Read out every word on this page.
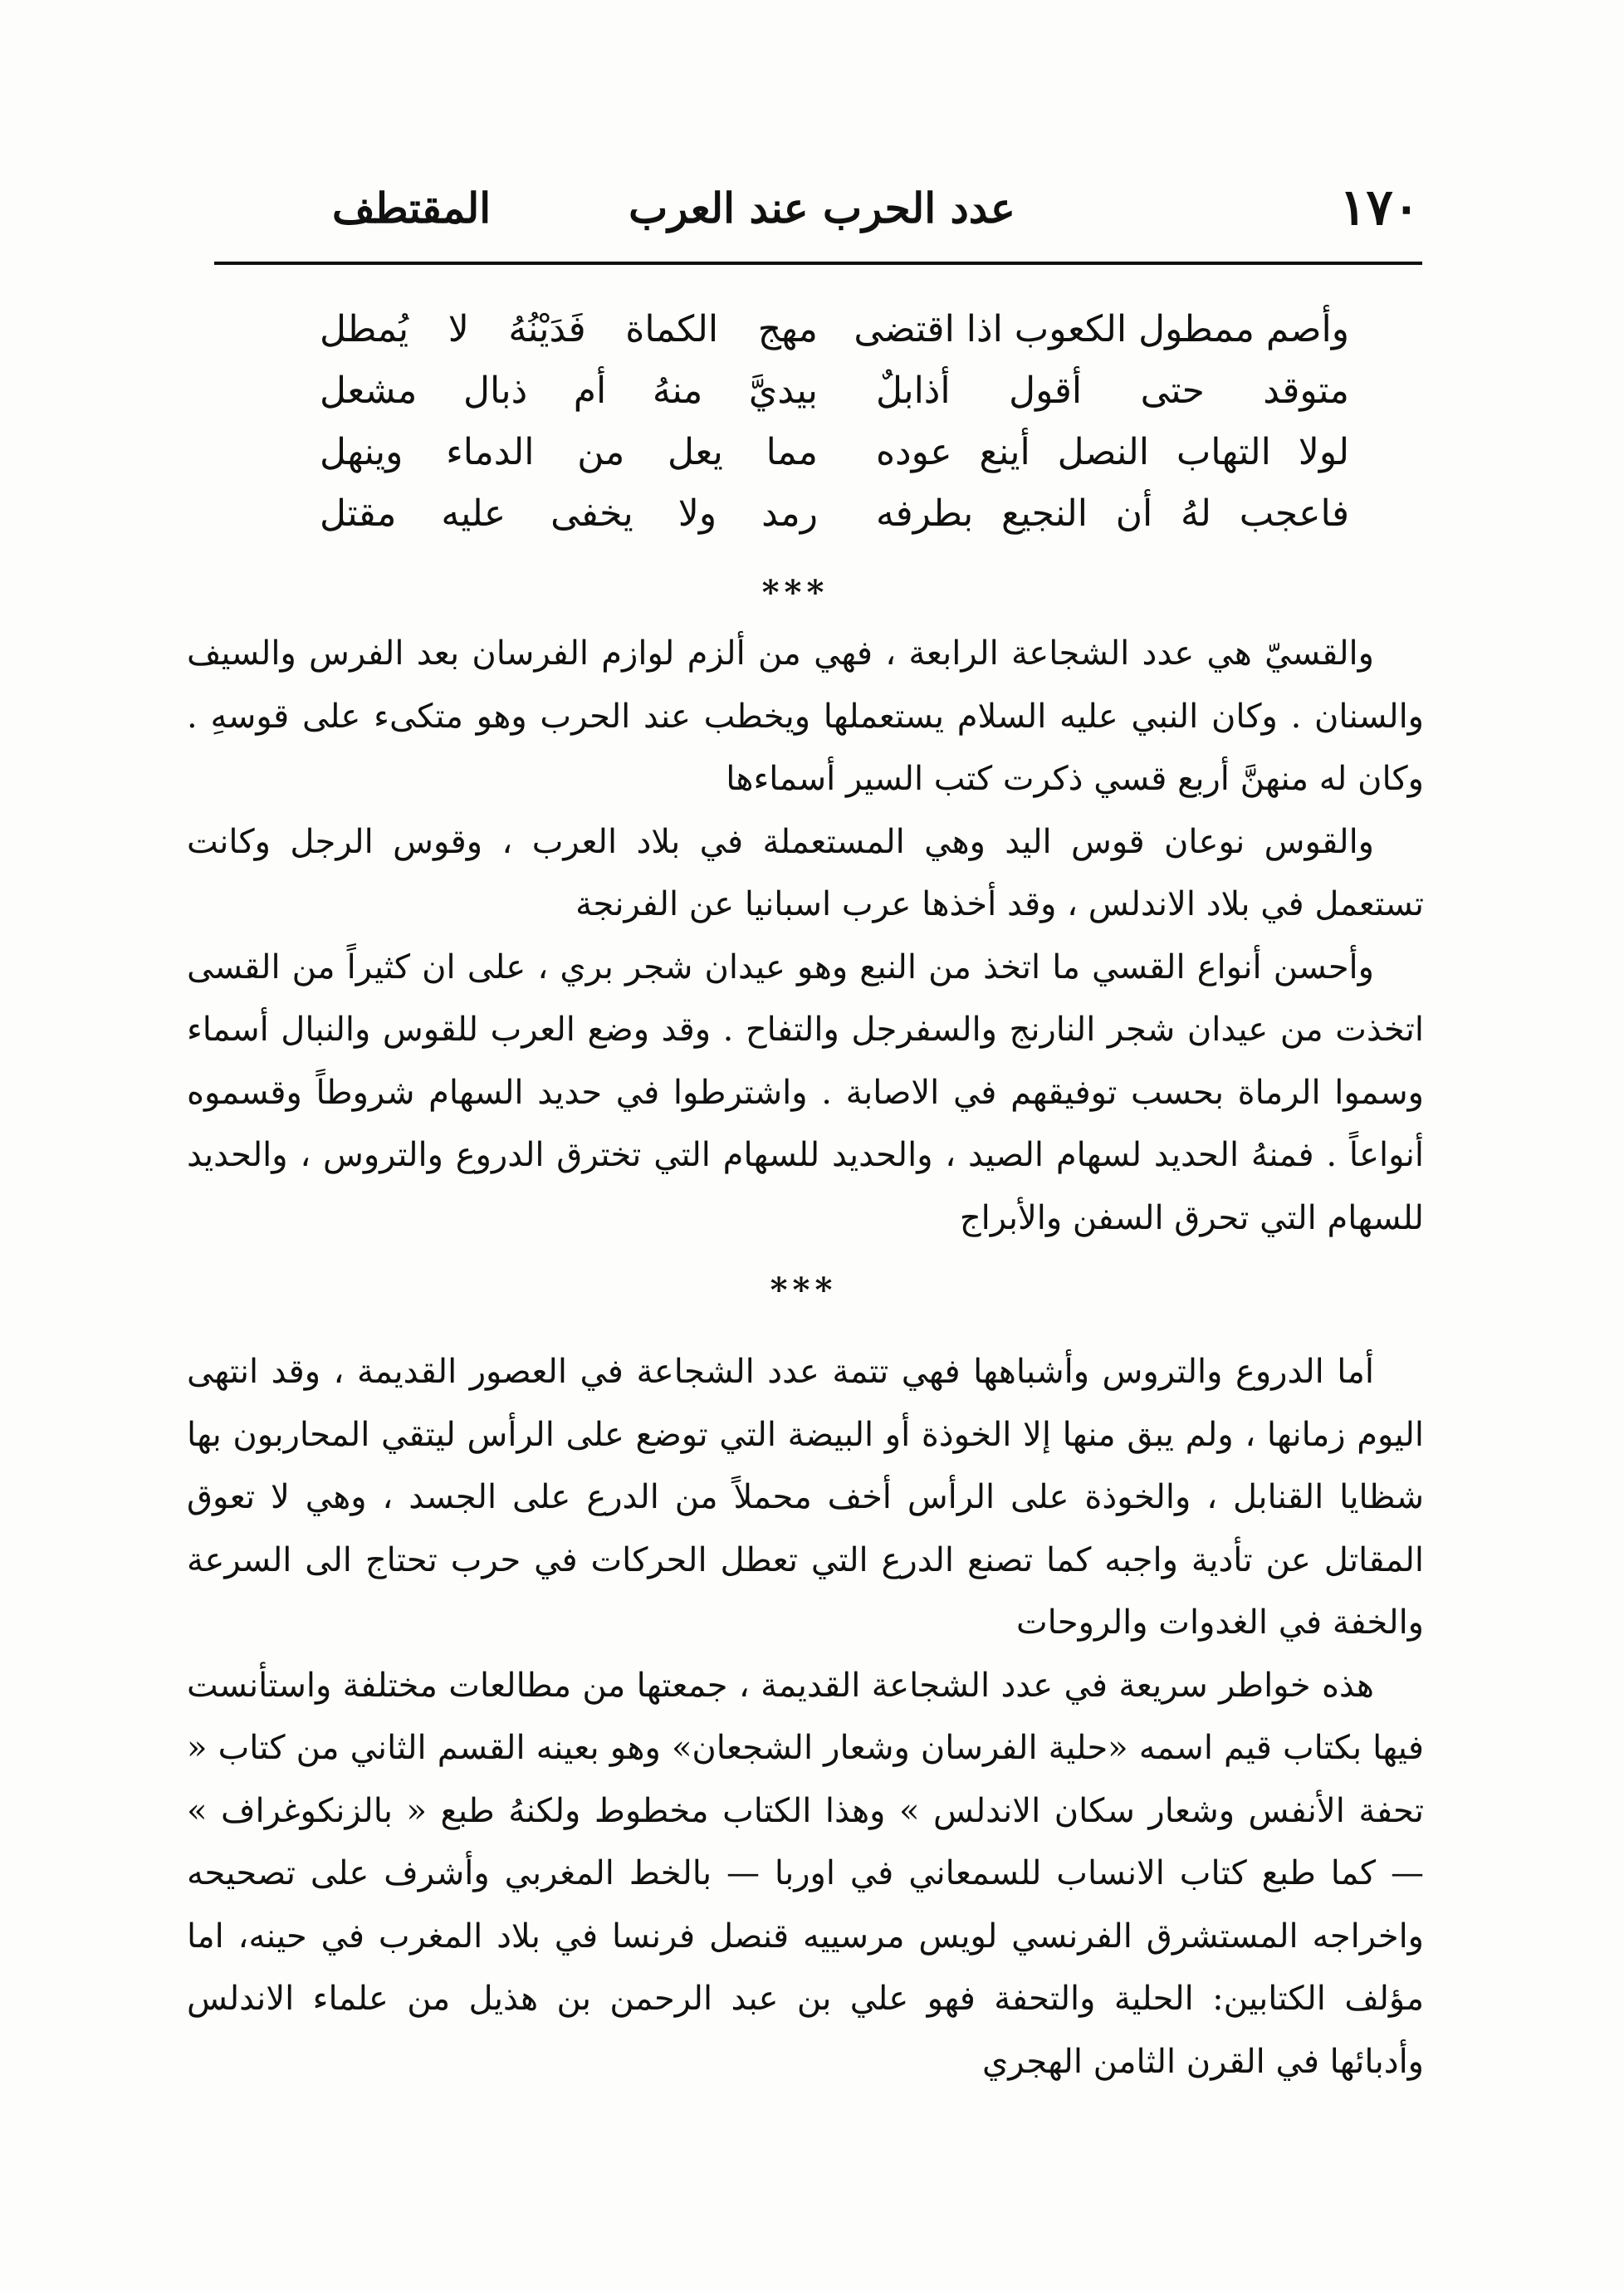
١٧٠
عدد الحرب عند العرب
المقتطف
وأصم ممطول الكعوب اذا اقتضى
مهج الكماة فَدَيْنُهُ لا يُمطل
متوقد حتى أقول أذابلٌ
بيديَّ منهُ أم ذبال مشعل
لولا التهاب النصل أينع عوده
مما يعل من الدماء وينهل
فاعجب لهُ أن النجيع بطرفه
رمد ولا يخفى عليه مقتل
***

والقسيّ هي عدد الشجاعة الرابعة ، فهي من ألزم لوازم الفرسان بعد الفرس والسيف والسنان . وكان النبي عليه السلام يستعملها ويخطب عند الحرب وهو متكىء على قوسهِ . وكان له منهنَّ أربع قسي ذكرت كتب السير أسماءها

والقوس نوعان قوس اليد وهي المستعملة في بلاد العرب ، وقوس الرجل وكانت تستعمل في بلاد الاندلس ، وقد أخذها عرب اسبانيا عن الفرنجة

وأحسن أنواع القسي ما اتخذ من النبع وهو عيدان شجر بري ، على ان كثيراً من القسى اتخذت من عيدان شجر النارنج والسفرجل والتفاح . وقد وضع العرب للقوس والنبال أسماء وسموا الرماة بحسب توفيقهم في الاصابة . واشترطوا في حديد السهام شروطاً وقسموه أنواعاً . فمنهُ الحديد لسهام الصيد ، والحديد للسهام التي تخترق الدروع والتروس ، والحديد للسهام التي تحرق السفن والأبراج

***

أما الدروع والتروس وأشباهها فهي تتمة عدد الشجاعة في العصور القديمة ، وقد انتهى اليوم زمانها ، ولم يبق منها إلا الخوذة أو البيضة التي توضع على الرأس ليتقي المحاربون بها شظايا القنابل ، والخوذة على الرأس أخف محملاً من الدرع على الجسد ، وهي لا تعوق المقاتل عن تأدية واجبه كما تصنع الدرع التي تعطل الحركات في حرب تحتاج الى السرعة والخفة في الغدوات والروحات

هذه خواطر سريعة في عدد الشجاعة القديمة ، جمعتها من مطالعات مختلفة واستأنست فيها بكتاب قيم اسمه «حلية الفرسان وشعار الشجعان» وهو بعينه القسم الثاني من كتاب « تحفة الأنفس وشعار سكان الاندلس » وهذا الكتاب مخطوط ولكنهُ طبع « بالزنكوغراف » — كما طبع كتاب الانساب للسمعاني في اوربا — بالخط المغربي وأشرف على تصحيحه واخراجه المستشرق الفرنسي لويس مرسييه قنصل فرنسا في بلاد المغرب في حينه، اما مؤلف الكتابين: الحلية والتحفة فهو علي بن عبد الرحمن بن هذيل من علماء الاندلس وأدبائها في القرن الثامن الهجري
